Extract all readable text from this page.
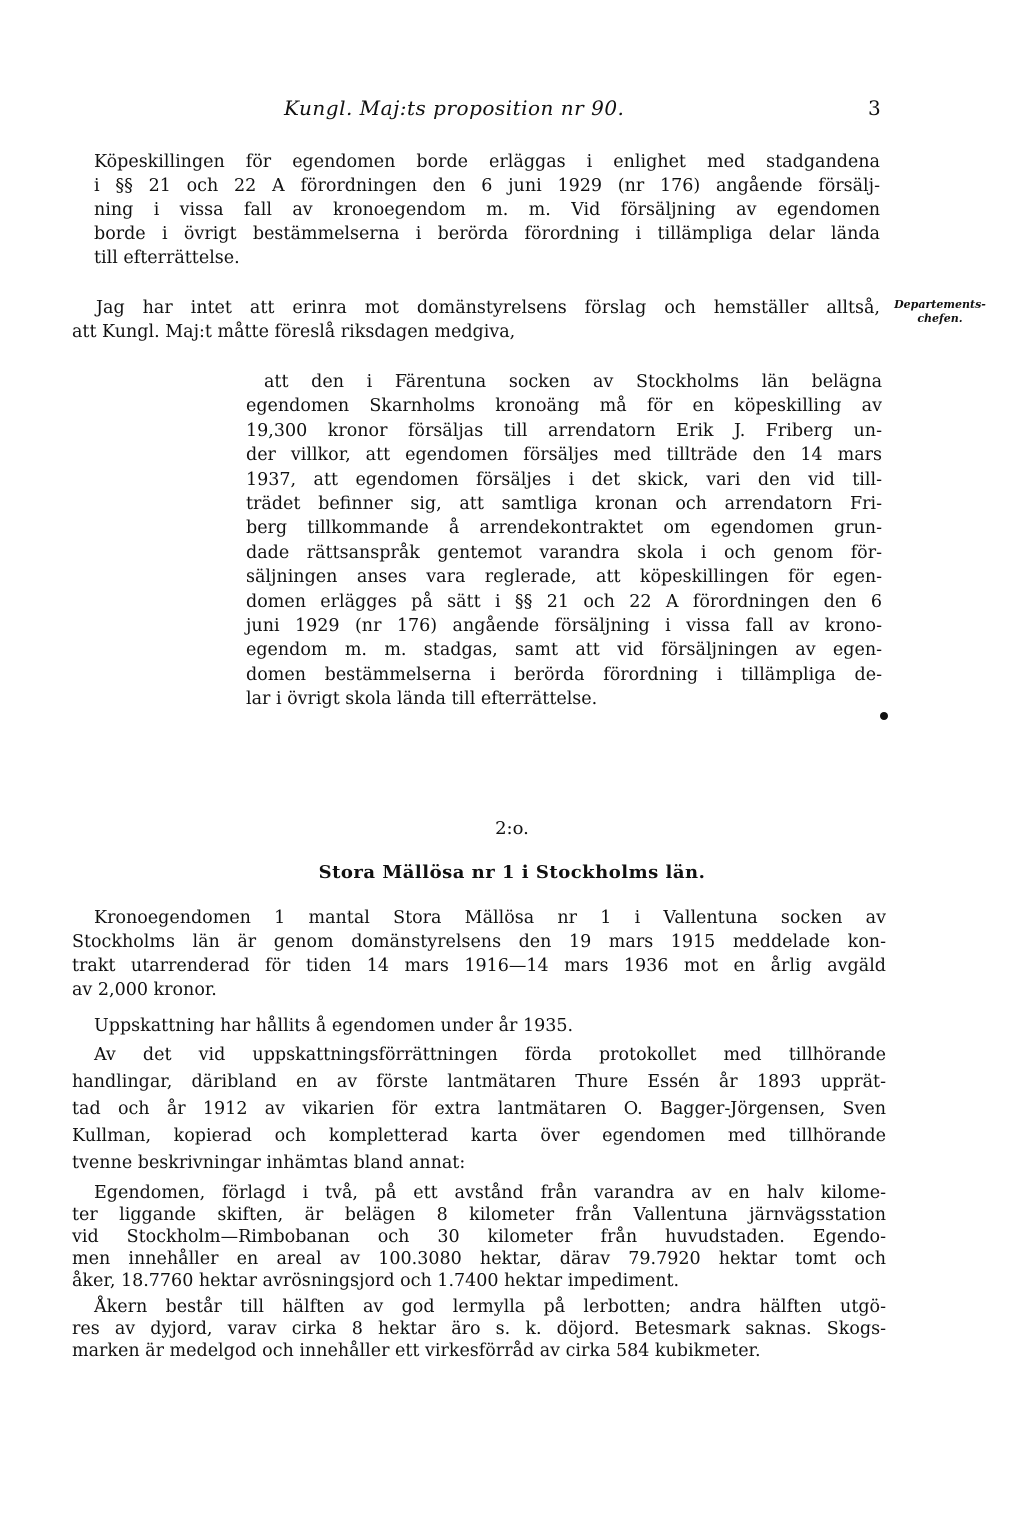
Kungl. Maj:ts proposition nr 90.	3
Köpeskillingen för egendomen borde erläggas i enlighet med stadgandena
i §§ 21 och 22 A förordningen den 6 juni 1929 (nr 176) angående försälj-
ning i vissa fall av kronoegendom m. m. Vid försäljning av egendomen
borde i övrigt bestämmelserna i berörda förordning i tillämpliga delar lända
till efterrättelse.
Jag har intet att erinra mot domänstyrelsens förslag och hemställer alltså,
att Kungl. Maj:t måtte föreslå riksdagen medgiva,
Departements-
chefen.
att den i Färentuna socken av Stockholms län belägna
egendomen Skarnholms kronoäng må för en köpeskilling av
19,300 kronor försäljas till arrendatorn Erik J. Friberg un-
der villkor, att egendomen försäljes med tillträde den 14 mars
1937, att egendomen försäljes i det skick, vari den vid till-
trädet befinner sig, att samtliga kronan och arrendatorn Fri-
berg tillkommande å arrendekontraktet om egendomen grun-
dade rättsanspråk gentemot varandra skola i och genom för-
säljningen anses vara reglerade, att köpeskillingen för egen-
domen erlägges på sätt i §§ 21 och 22 A förordningen den 6
juni 1929 (nr 176) angående försäljning i vissa fall av krono-
egendom m. m. stadgas, samt att vid försäljningen av egen-
domen bestämmelserna i berörda förordning i tillämpliga de-
lar i övrigt skola lända till efterrättelse.
2:o.
Stora Mällösa nr 1 i Stockholms län.
Kronoegendomen 1 mantal Stora Mällösa nr 1 i Vallentuna socken av
Stockholms län är genom domänstyrelsens den 19 mars 1915 meddelade kon-
trakt utarrenderad för tiden 14 mars 1916—14 mars 1936 mot en årlig avgäld
av 2,000 kronor.
Uppskattning har hållits å egendomen under år 1935.
Av det vid uppskattningsförrättningen förda protokollet med tillhörande
handlingar, däribland en av förste lantmätaren Thure Essén år 1893 upprät-
tad och år 1912 av vikarien för extra lantmätaren O. Bagger-Jörgensen, Sven
Kullman, kopierad och kompletterad karta över egendomen med tillhörande
tvenne beskrivningar inhämtas bland annat:
Egendomen, förlagd i två, på ett avstånd från varandra av en halv kilome-
ter liggande skiften, är belägen 8 kilometer från Vallentuna järnvägsstation
vid Stockholm—Rimbobanan och 30 kilometer från huvudstaden. Egendo-
men innehåller en areal av 100.3080 hektar, därav 79.7920 hektar tomt och
åker, 18.7760 hektar avrösningsjord och 1.7400 hektar impediment.
Åkern består till hälften av god lermylla på lerbotten; andra hälften utgö-
res av dyjord, varav cirka 8 hektar äro s. k. döjord. Betesmark saknas. Skogs-
marken är medelgod och innehåller ett virkesförråd av cirka 584 kubikmeter.
